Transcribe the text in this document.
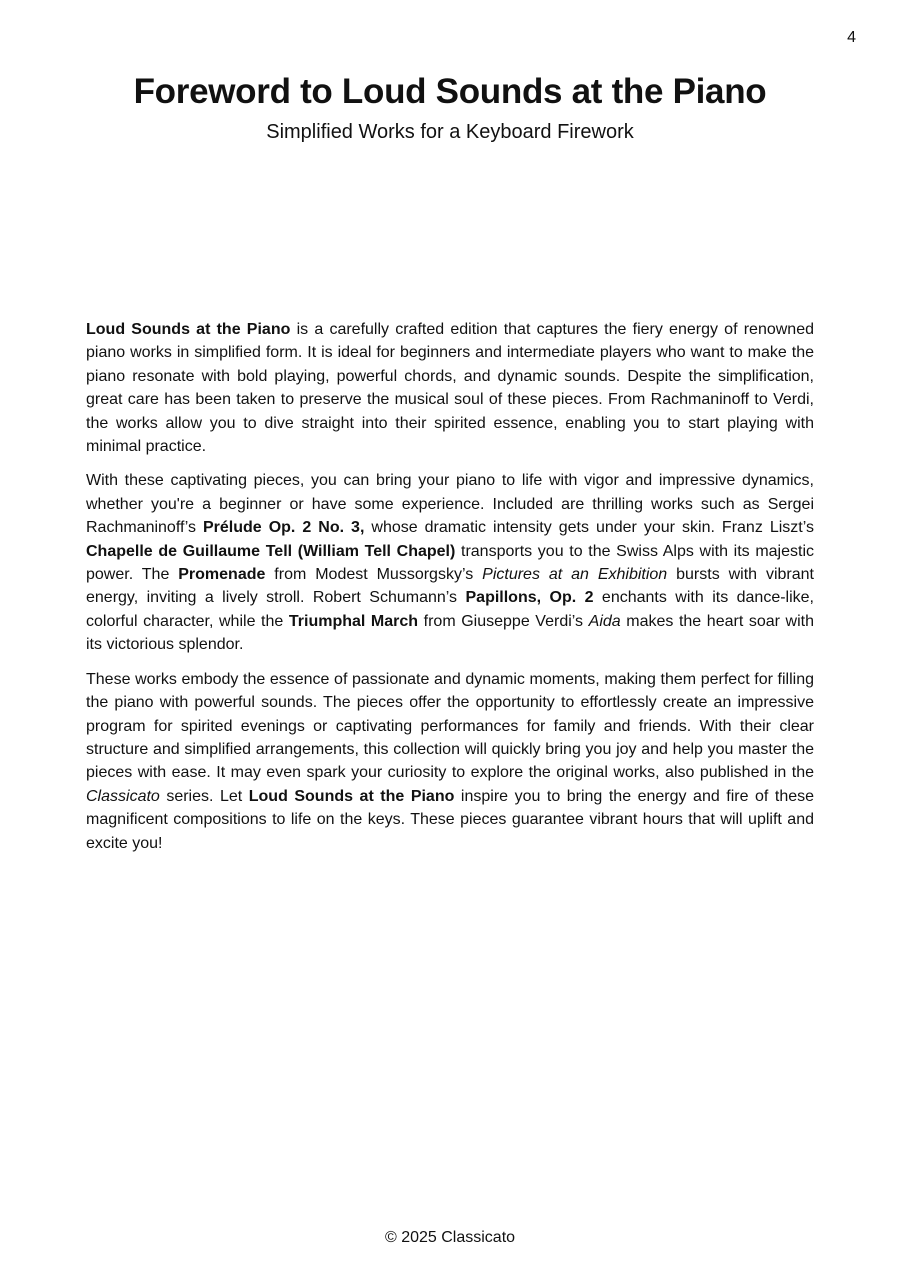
4
Foreword to Loud Sounds at the Piano
Simplified Works for a Keyboard Firework

Loud Sounds at the Piano is a carefully crafted edition that captures the fiery energy of renowned piano works in simplified form. It is ideal for beginners and intermediate players who want to make the piano resonate with bold playing, powerful chords, and dynamic sounds. Despite the simplification, great care has been taken to preserve the musical soul of these pieces. From Rachmaninoff to Verdi, the works allow you to dive straight into their spirited essence, enabling you to start playing with minimal practice.

With these captivating pieces, you can bring your piano to life with vigor and impressive dynamics, whether you're a beginner or have some experience. Included are thrilling works such as Sergei Rachmaninoff’s Prélude Op. 2 No. 3, whose dramatic intensity gets under your skin. Franz Liszt’s Chapelle de Guillaume Tell (William Tell Chapel) transports you to the Swiss Alps with its majestic power. The Promenade from Modest Mussorgsky’s Pictures at an Exhibition bursts with vibrant energy, inviting a lively stroll. Robert Schumann’s Papillons, Op. 2 enchants with its dance-like, colorful character, while the Triumphal March from Giuseppe Verdi’s Aida makes the heart soar with its victorious splendor.

These works embody the essence of passionate and dynamic moments, making them perfect for filling the piano with powerful sounds. The pieces offer the opportunity to effortlessly create an impressive program for spirited evenings or captivating performances for family and friends. With their clear structure and simplified arrangements, this collection will quickly bring you joy and help you master the pieces with ease. It may even spark your curiosity to explore the original works, also published in the Classicato series. Let Loud Sounds at the Piano inspire you to bring the energy and fire of these magnificent compositions to life on the keys. These pieces guarantee vibrant hours that will uplift and excite you!

© 2025 Classicato
